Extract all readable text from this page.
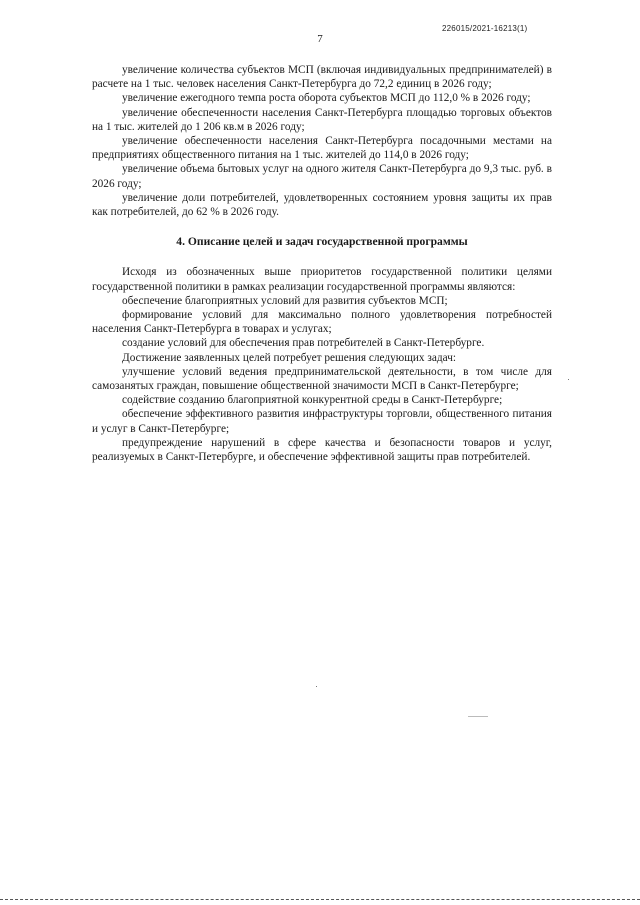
226015/2021-16213(1)
7

увеличение количества субъектов МСП (включая индивидуальных предпринимателей) в расчете на 1 тыс. человек населения Санкт-Петербурга до 72,2 единиц в 2026 году;

увеличение ежегодного темпа роста оборота субъектов МСП до 112,0 % в 2026 году;

увеличение обеспеченности населения Санкт-Петербурга площадью торговых объектов на 1 тыс. жителей до 1 206 кв.м в 2026 году;

увеличение обеспеченности населения Санкт-Петербурга посадочными местами на предприятиях общественного питания на 1 тыс. жителей до 114,0 в 2026 году;

увеличение объема бытовых услуг на одного жителя Санкт-Петербурга до 9,3 тыс. руб. в 2026 году;

увеличение доли потребителей, удовлетворенных состоянием уровня защиты их прав как потребителей, до 62 % в 2026 году.

4. Описание целей и задач государственной программы

Исходя из обозначенных выше приоритетов государственной политики целями государственной политики в рамках реализации государственной программы являются:

обеспечение благоприятных условий для развития субъектов МСП;

формирование условий для максимально полного удовлетворения потребностей населения Санкт-Петербурга в товарах и услугах;

создание условий для обеспечения прав потребителей в Санкт-Петербурге.

Достижение заявленных целей потребует решения следующих задач:

улучшение условий ведения предпринимательской деятельности, в том числе для самозанятых граждан, повышение общественной значимости МСП в Санкт-Петербурге;

содействие созданию благоприятной конкурентной среды в Санкт-Петербурге;

обеспечение эффективного развития инфраструктуры торговли, общественного питания и услуг в Санкт-Петербурге;

предупреждение нарушений в сфере качества и безопасности товаров и услуг, реализуемых в Санкт-Петербурге, и обеспечение эффективной защиты прав потребителей.
